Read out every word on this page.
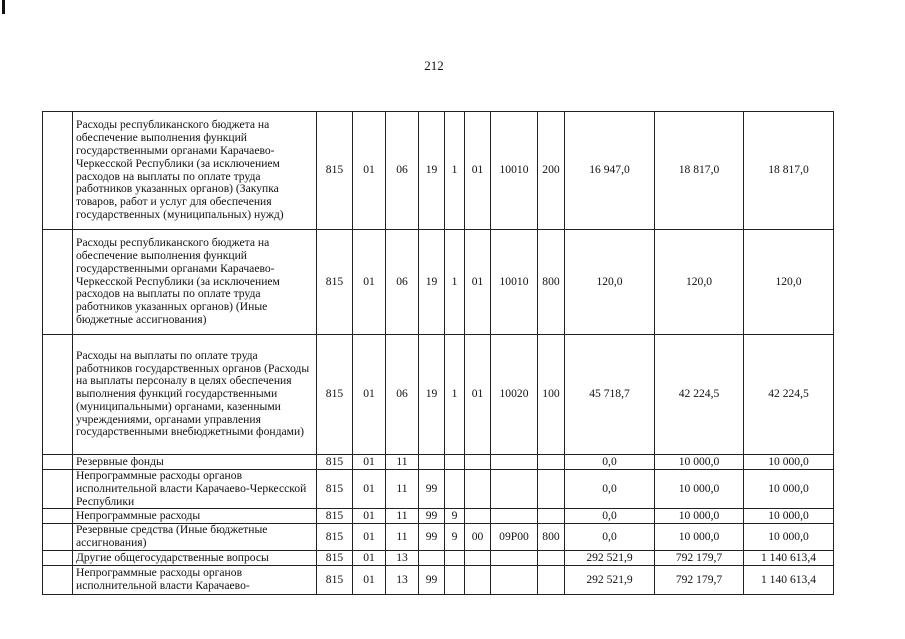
212
	Расходы республиканского бюджета на обеспечение выполнения функций государственными органами Карачаево-Черкесской Республики (за исключением расходов на выплаты по оплате труда работников указанных органов) (Закупка товаров, работ и услуг для обеспечения государственных (муниципальных) нужд)	815	01	06	19	1	01	10010	200	16 947,0	18 817,0	18 817,0
	Расходы республиканского бюджета на обеспечение выполнения функций государственными органами Карачаево-Черкесской Республики (за исключением расходов на выплаты по оплате труда работников указанных органов) (Иные бюджетные ассигнования)	815	01	06	19	1	01	10010	800	120,0	120,0	120,0
	Расходы на выплаты по оплате труда работников государственных органов (Расходы на выплаты персоналу в целях обеспечения выполнения функций государственными (муниципальными) органами, казенными учреждениями, органами управления государственными внебюджетными фондами)	815	01	06	19	1	01	10020	100	45 718,7	42 224,5	42 224,5
	Резервные фонды	815	01	11						0,0	10 000,0	10 000,0
	Непрограммные расходы органов исполнительной власти Карачаево-Черкесской Республики	815	01	11	99					0,0	10 000,0	10 000,0
	Непрограммные расходы	815	01	11	99	9				0,0	10 000,0	10 000,0
	Резервные средства (Иные бюджетные ассигнования)	815	01	11	99	9	00	09Р00	800	0,0	10 000,0	10 000,0
	Другие общегосударственные вопросы	815	01	13						292 521,9	792 179,7	1 140 613,4
	Непрограммные расходы органов исполнительной власти Карачаево-	815	01	13	99					292 521,9	792 179,7	1 140 613,4
